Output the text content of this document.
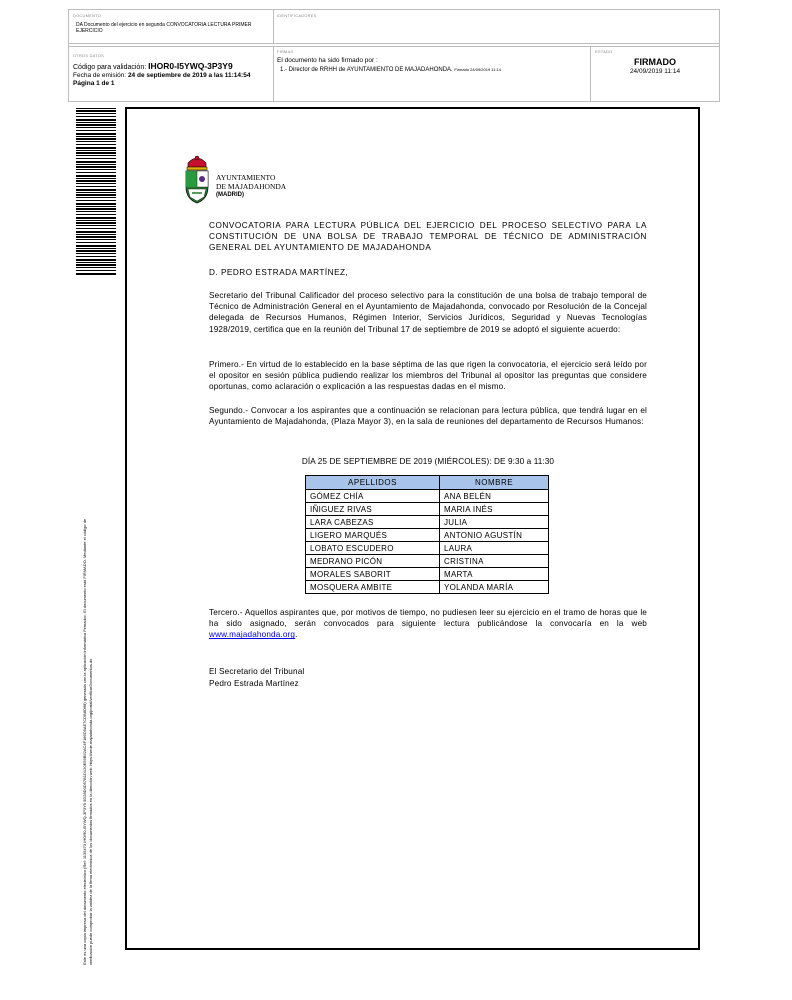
DOCUMENTO
DA Documento del ejercicio en segunda CONVOCATORIA LECTURA PRIMER EJERCICIO
IDENTIFICADORES
OTROS DATOS
Código para validación: IHOR0-I5YWQ-3P3Y9
Fecha de emisión: 24 de septiembre de 2019 a las 11:14:54
Página 1 de 1
FIRMAS
El documento ha sido firmado por :
1.- Director de RRHH de AYUNTAMIENTO DE MAJADAHONDA. Firmado 24/09/2019 11:14
ESTADO
FIRMADO
24/09/2019 11:14
Este es una copia impresa del documento electrónico (Ref: 1135473 IHOR0-I5YWQ-3P3Y9 9D28D0D57B1D120E59B52AC4F186D5AE7CDB8D68) generada con la aplicación informática Firmadoc. El documento está FIRMADO. Mediante el código de verificación puede comprobar la validez de la firma electrónica de los documentos firmados en la dirección web: https://sede.majadahonda.org/portal/verificarDocumentos.do
AYUNTAMIENTO
DE MAJADAHONDA
(MADRID)
CONVOCATORIA PARA LECTURA PÚBLICA DEL EJERCICIO DEL PROCESO SELECTIVO PARA LA CONSTITUCIÓN DE UNA BOLSA DE TRABAJO TEMPORAL DE TÉCNICO DE ADMINISTRACIÓN GENERAL DEL AYUNTAMIENTO DE MAJADAHONDA
D. PEDRO ESTRADA MARTÍNEZ,
Secretario del Tribunal Calificador del proceso selectivo para la constitución de una bolsa de trabajo temporal de Técnico de Administración General en el Ayuntamiento de Majadahonda, convocado por Resolución de la Concejal delegada de Recursos Humanos, Régimen Interior, Servicios Jurídicos, Seguridad y Nuevas Tecnologías 1928/2019, certifica que en la reunión del Tribunal 17 de septiembre de 2019 se adoptó el siguiente acuerdo:
Primero.- En virtud de lo establecido en la base séptima de las que rigen la convocatoria, el ejercicio será leído por el opositor en sesión pública pudiendo realizar los miembros del Tribunal al opositor las preguntas que considere oportunas, como aclaración o explicación a las respuestas dadas en el mismo.
Segundo.- Convocar a los aspirantes que a continuación se relacionan para lectura pública, que tendrá lugar en el Ayuntamiento de Majadahonda, (Plaza Mayor 3), en la sala de reuniones del departamento de Recursos Humanos:
DÍA 25 DE SEPTIEMBRE DE 2019 (MIÉRCOLES): DE 9:30 a 11:30
APELLIDOS	NOMBRE
GÓMEZ CHÍA	ANA BELÉN
IÑIGUEZ RIVAS	MARIA INÉS
LARA CABEZAS	JULIA
LIGERO MARQUÉS	ANTONIO AGUSTÍN
LOBATO ESCUDERO	LAURA
MEDRANO PICÓN	CRISTINA
MORALES SABORIT	MARTA
MOSQUERA AMBITE	YOLANDA MARÍA
Tercero.- Aquellos aspirantes que, por motivos de tiempo, no pudiesen leer su ejercicio en el tramo de horas que le ha sido asignado, serán convocados para siguiente lectura publicándose la convocaría en la web www.majadahonda.org.
El Secretario del Tribunal
Pedro Estrada Martínez
